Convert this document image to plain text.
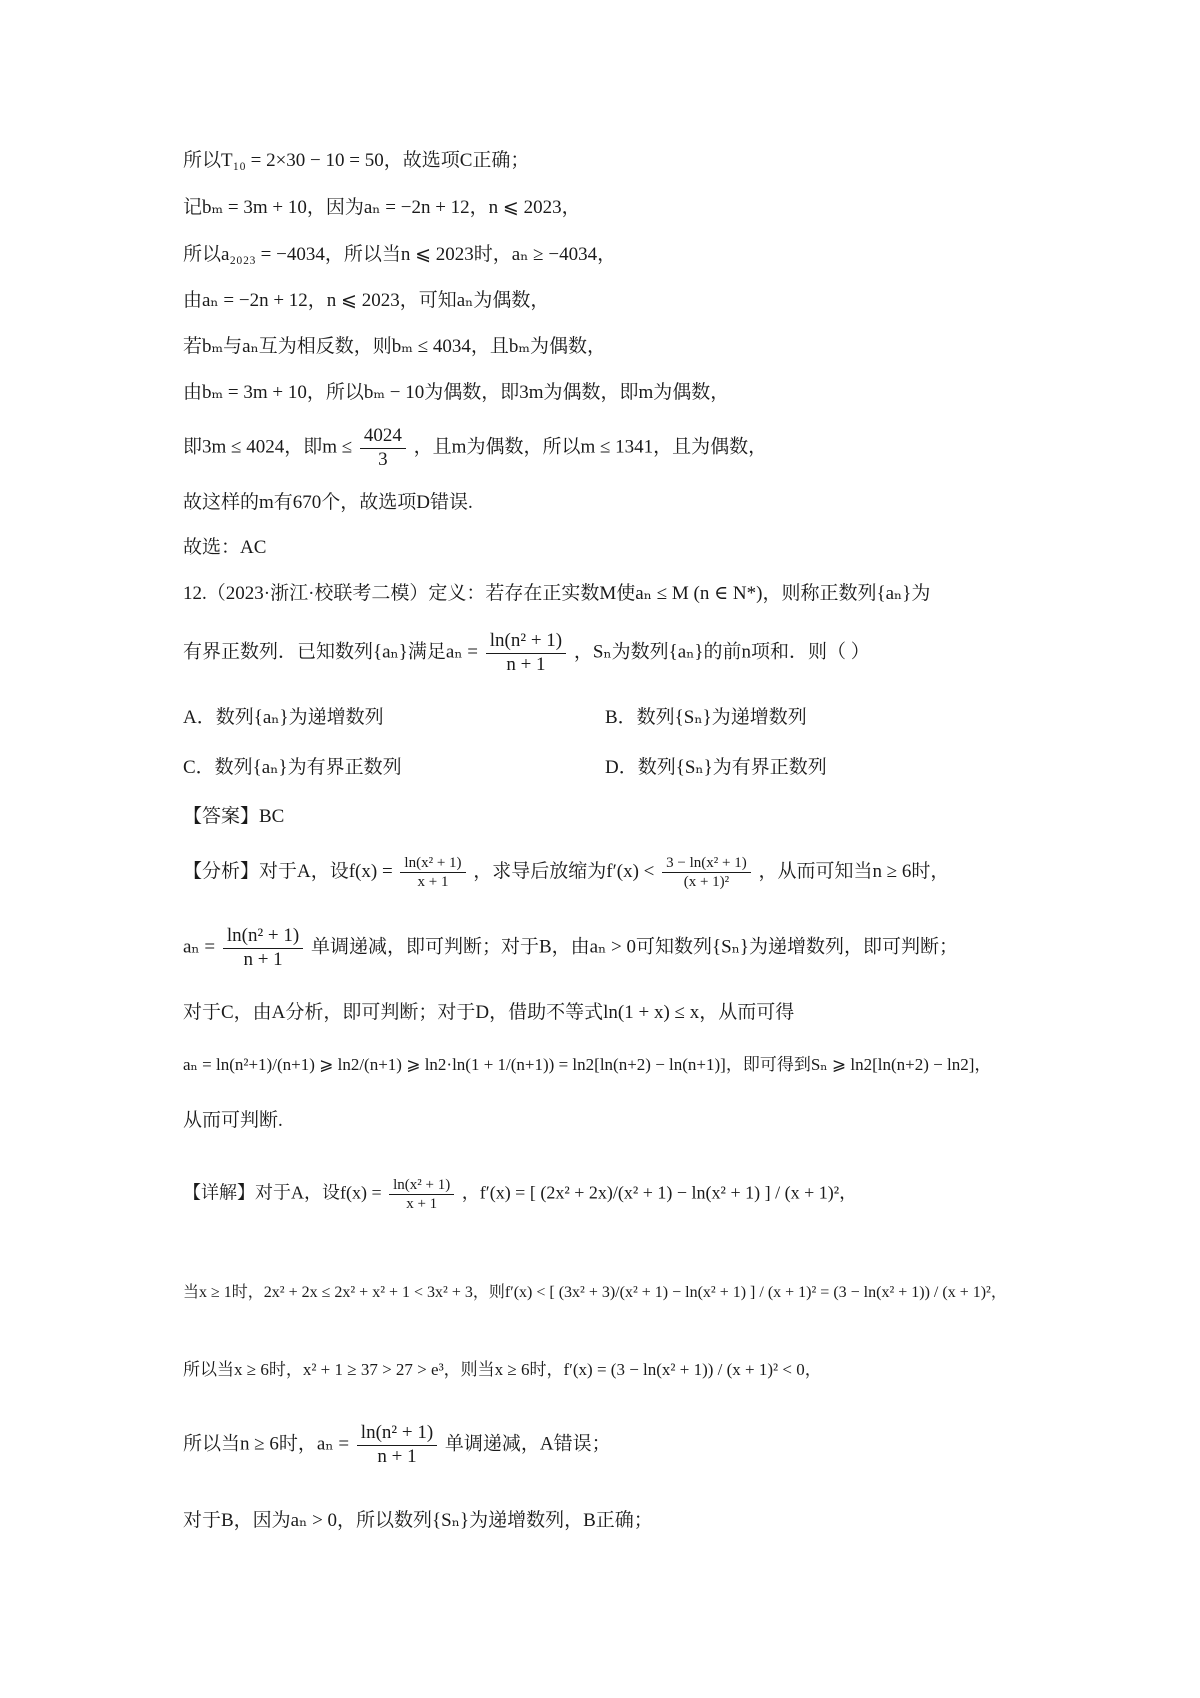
所以T₁₀ = 2×30 − 10 = 50，故选项C正确；
记bₘ = 3m + 10，因为aₙ = −2n + 12，n ⩽ 2023，
所以a₂₀₂₃ = −4034，所以当n ⩽ 2023时，aₙ ≥ −4034，
由aₙ = −2n + 12，n ⩽ 2023，可知aₙ为偶数，
若bₘ与aₙ互为相反数，则bₘ ≤ 4034，且bₘ为偶数，
由bₘ = 3m + 10，所以bₘ − 10为偶数，即3m为偶数，即m为偶数，
即3m ≤ 4024，即$m \le \frac{4024}{3}$ ，且m为偶数，所以m ≤ 1341，且为偶数，
故这样的m有670个，故选项D错误.
故选：AC
12.（2023·浙江·校联考二模）定义：若存在正实数M使aₙ ≤ M (n ∈ N*)，则称正数列{aₙ}为
有界正数列．已知数列{aₙ}满足$a_n = \frac{\text{ln(n² + 1)}}{n + 1}$ ，Sₙ为数列{aₙ}的前n项和．则（ ）
A．数列{aₙ}为递增数列	B．数列{Sₙ}为递增数列
C．数列{aₙ}为有界正数列	D．数列{Sₙ}为有界正数列
【答案】BC
【分析】对于A，设$f(x) = \frac{\text{ln(x² + 1)}}{x + 1}$ ，求导后放缩为$f'(x) < \frac{\text{3 − ln(x² + 1)}}{\text{(x + 1)²}}$ ，从而可知当n ≥ 6时，
$a_n = \frac{\text{ln(n² + 1)}}{n + 1}$ 单调递减，即可判断；对于B，由aₙ > 0可知数列{Sₙ}为递增数列，即可判断；
对于C，由A分析，即可判断；对于D，借助不等式ln(1 + x) ≤ x，从而可得
aₙ = ln(n²+1)/(n+1) ⩾ ln2/(n+1) ⩾ ln2·ln(1 + 1/(n+1)) = ln2[ln(n+2) − ln(n+1)]，即可得到Sₙ ⩾ ln2[ln(n+2) − ln2]，
从而可判断.
【详解】对于A，设$f(x) = \frac{\text{ln(x² + 1)}}{x + 1}$ ，f′(x) = [ (2x² + 2x)/(x² + 1) − ln(x² + 1) ] / (x + 1)²，
当x ≥ 1时，2x² + 2x ≤ 2x² + x² + 1 < 3x² + 3，则f′(x) < [ (3x² + 3)/(x² + 1) − ln(x² + 1) ] / (x + 1)² = (3 − ln(x² + 1)) / (x + 1)²，
所以当x ≥ 6时，x² + 1 ≥ 37 > 27 > e³，则当x ≥ 6时，f′(x) = (3 − ln(x² + 1)) / (x + 1)² < 0，
所以当n ≥ 6时，$a_n = \frac{\text{ln(n² + 1)}}{n + 1}$ 单调递减，A错误；
对于B，因为aₙ > 0，所以数列{Sₙ}为递增数列，B正确；
